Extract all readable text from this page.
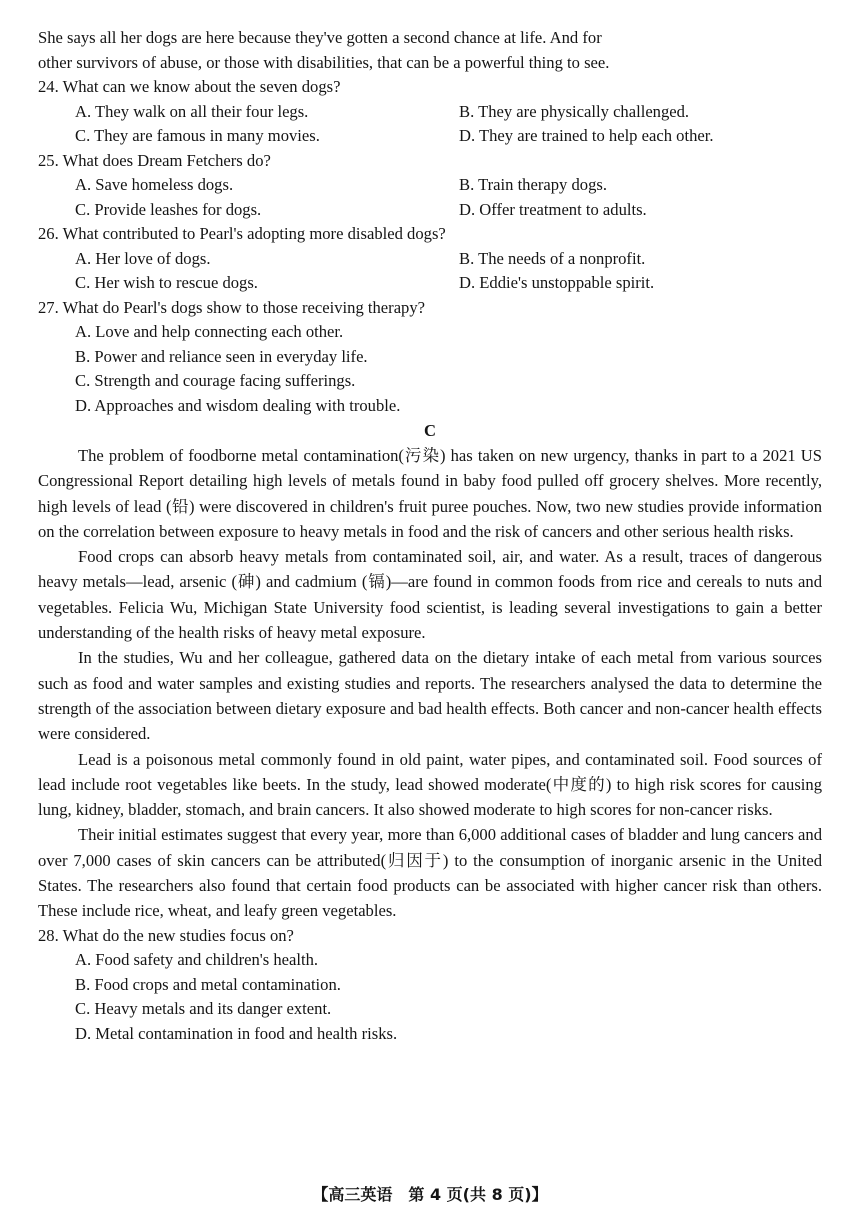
She says all her dogs are here because they've gotten a second chance at life. And for
other survivors of abuse, or those with disabilities, that can be a powerful thing to see.
24. What can we know about the seven dogs?
A. They walk on all their four legs.	B. They are physically challenged.
C. They are famous in many movies.	D. They are trained to help each other.
25. What does Dream Fetchers do?
A. Save homeless dogs.	B. Train therapy dogs.
C. Provide leashes for dogs.	D. Offer treatment to adults.
26. What contributed to Pearl's adopting more disabled dogs?
A. Her love of dogs.	B. The needs of a nonprofit.
C. Her wish to rescue dogs.	D. Eddie's unstoppable spirit.
27. What do Pearl's dogs show to those receiving therapy?
A. Love and help connecting each other.
B. Power and reliance seen in everyday life.
C. Strength and courage facing sufferings.
D. Approaches and wisdom dealing with trouble.
C

The problem of foodborne metal contamination(污染) has taken on new urgency, thanks in part to a 2021 US Congressional Report detailing high levels of metals found in baby food pulled off grocery shelves. More recently, high levels of lead (铅) were discovered in children's fruit puree pouches. Now, two new studies provide information on the correlation between exposure to heavy metals in food and the risk of cancers and other serious health risks.

Food crops can absorb heavy metals from contaminated soil, air, and water. As a result, traces of dangerous heavy metals—lead, arsenic (砷) and cadmium (镉)—are found in common foods from rice and cereals to nuts and vegetables. Felicia Wu, Michigan State University food scientist, is leading several investigations to gain a better understanding of the health risks of heavy metal exposure.

In the studies, Wu and her colleague, gathered data on the dietary intake of each metal from various sources such as food and water samples and existing studies and reports. The researchers analysed the data to determine the strength of the association between dietary exposure and bad health effects. Both cancer and non-cancer health effects were considered.

Lead is a poisonous metal commonly found in old paint, water pipes, and contaminated soil. Food sources of lead include root vegetables like beets. In the study, lead showed moderate(中度的) to high risk scores for causing lung, kidney, bladder, stomach, and brain cancers. It also showed moderate to high scores for non-cancer risks.

Their initial estimates suggest that every year, more than 6,000 additional cases of bladder and lung cancers and over 7,000 cases of skin cancers can be attributed(归因于) to the consumption of inorganic arsenic in the United States. The researchers also found that certain food products can be associated with higher cancer risk than others. These include rice, wheat, and leafy green vegetables.

28. What do the new studies focus on?
A. Food safety and children's health.
B. Food crops and metal contamination.
C. Heavy metals and its danger extent.
D. Metal contamination in food and health risks.
【高三英语　第 4 页(共 8 页)】
